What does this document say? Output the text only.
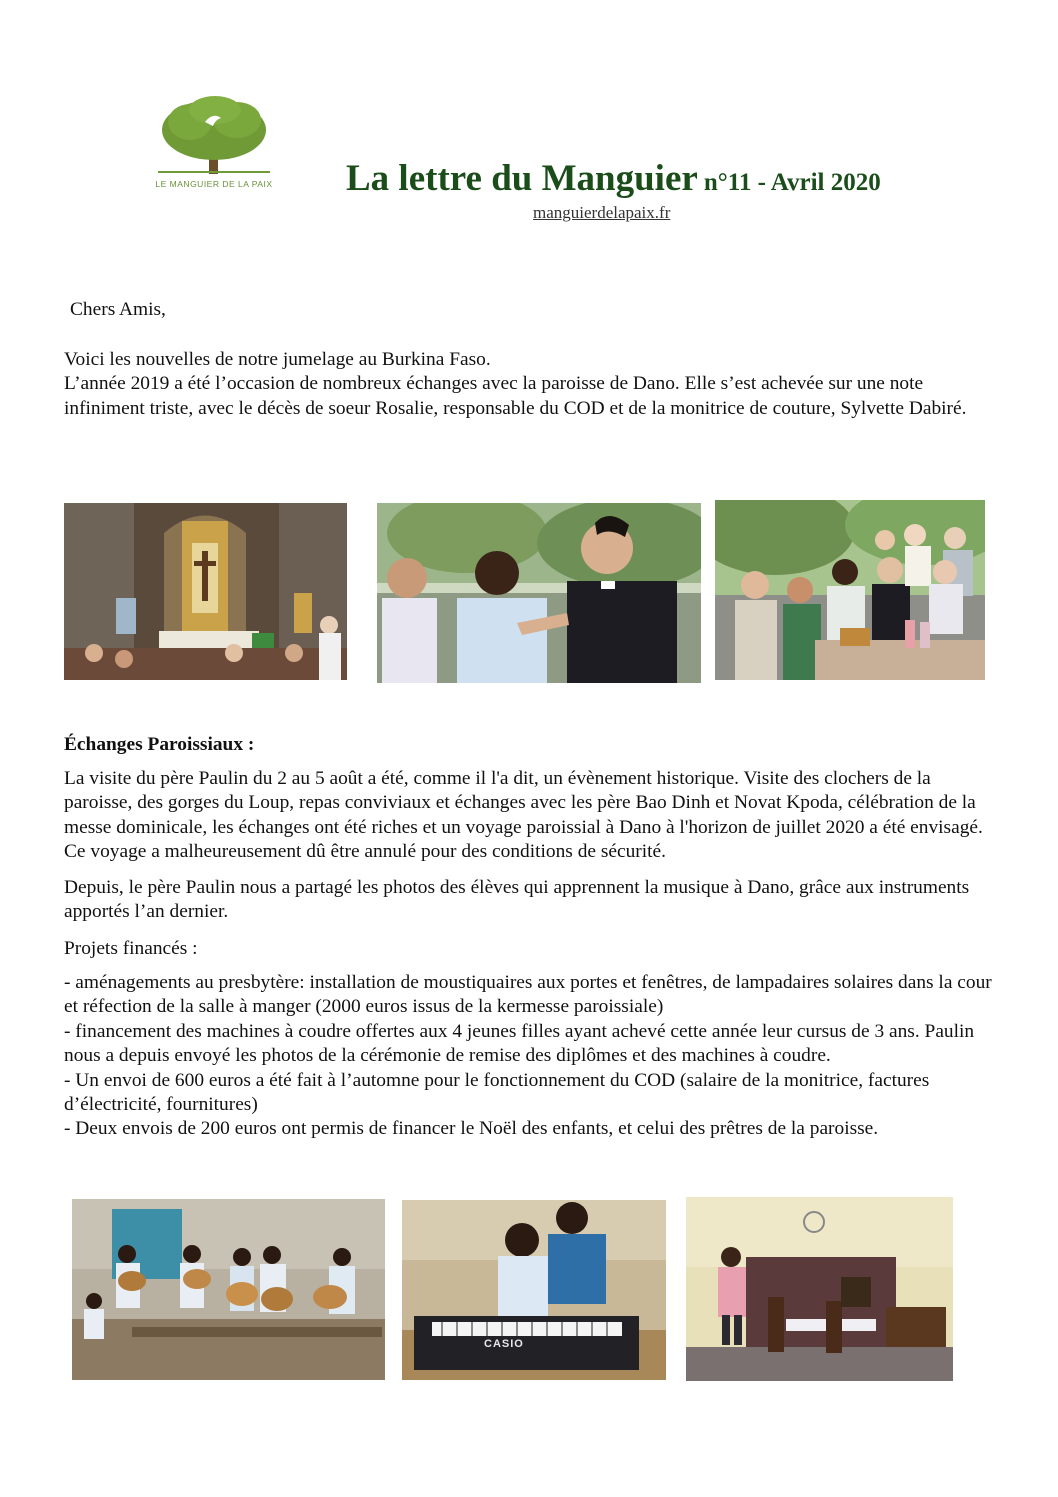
LE MANGUIER DE LA PAIX La lettre du Manguier n°11 - Avril 2020
manguierdelapaix.fr
Chers Amis,

Voici les nouvelles de notre jumelage au Burkina Faso.

L’année 2019 a été l’occasion de nombreux échanges avec la paroisse de Dano. Elle s’est achevée sur une note infiniment triste, avec le décès de soeur Rosalie, responsable du COD et de la monitrice de couture, Sylvette Dabiré.

Échanges Paroissiaux :
La visite du père Paulin du 2 au 5 août a été, comme il l'a dit, un évènement historique. Visite des clochers de la paroisse, des gorges du Loup, repas conviviaux et échanges avec les père Bao Dinh et Novat Kpoda, célébration de la messe dominicale, les échanges ont été riches et un voyage paroissial à Dano à l'horizon de juillet 2020 a été envisagé. Ce voyage a malheureusement dû être annulé pour des conditions de sécurité.
Depuis, le père Paulin nous a partagé les photos des élèves qui apprennent la musique à Dano, grâce aux instruments apportés l’an dernier.
Projets financés :

- aménagements au presbytère: installation de moustiquaires aux portes et fenêtres, de lampadaires solaires dans la cour et réfection de la salle à manger (2000 euros issus de la kermesse paroissiale)

- financement des machines à coudre offertes aux 4 jeunes filles ayant achevé cette année leur cursus de 3 ans. Paulin nous a depuis envoyé les photos de la cérémonie de remise des diplômes et des machines à coudre.

- Un envoi de 600 euros a été fait à l’automne pour le fonctionnement du COD (salaire de la monitrice, factures d’électricité, fournitures)

- Deux envois de 200 euros ont permis de financer le Noël des enfants, et celui des prêtres de la paroisse.

CASIO
